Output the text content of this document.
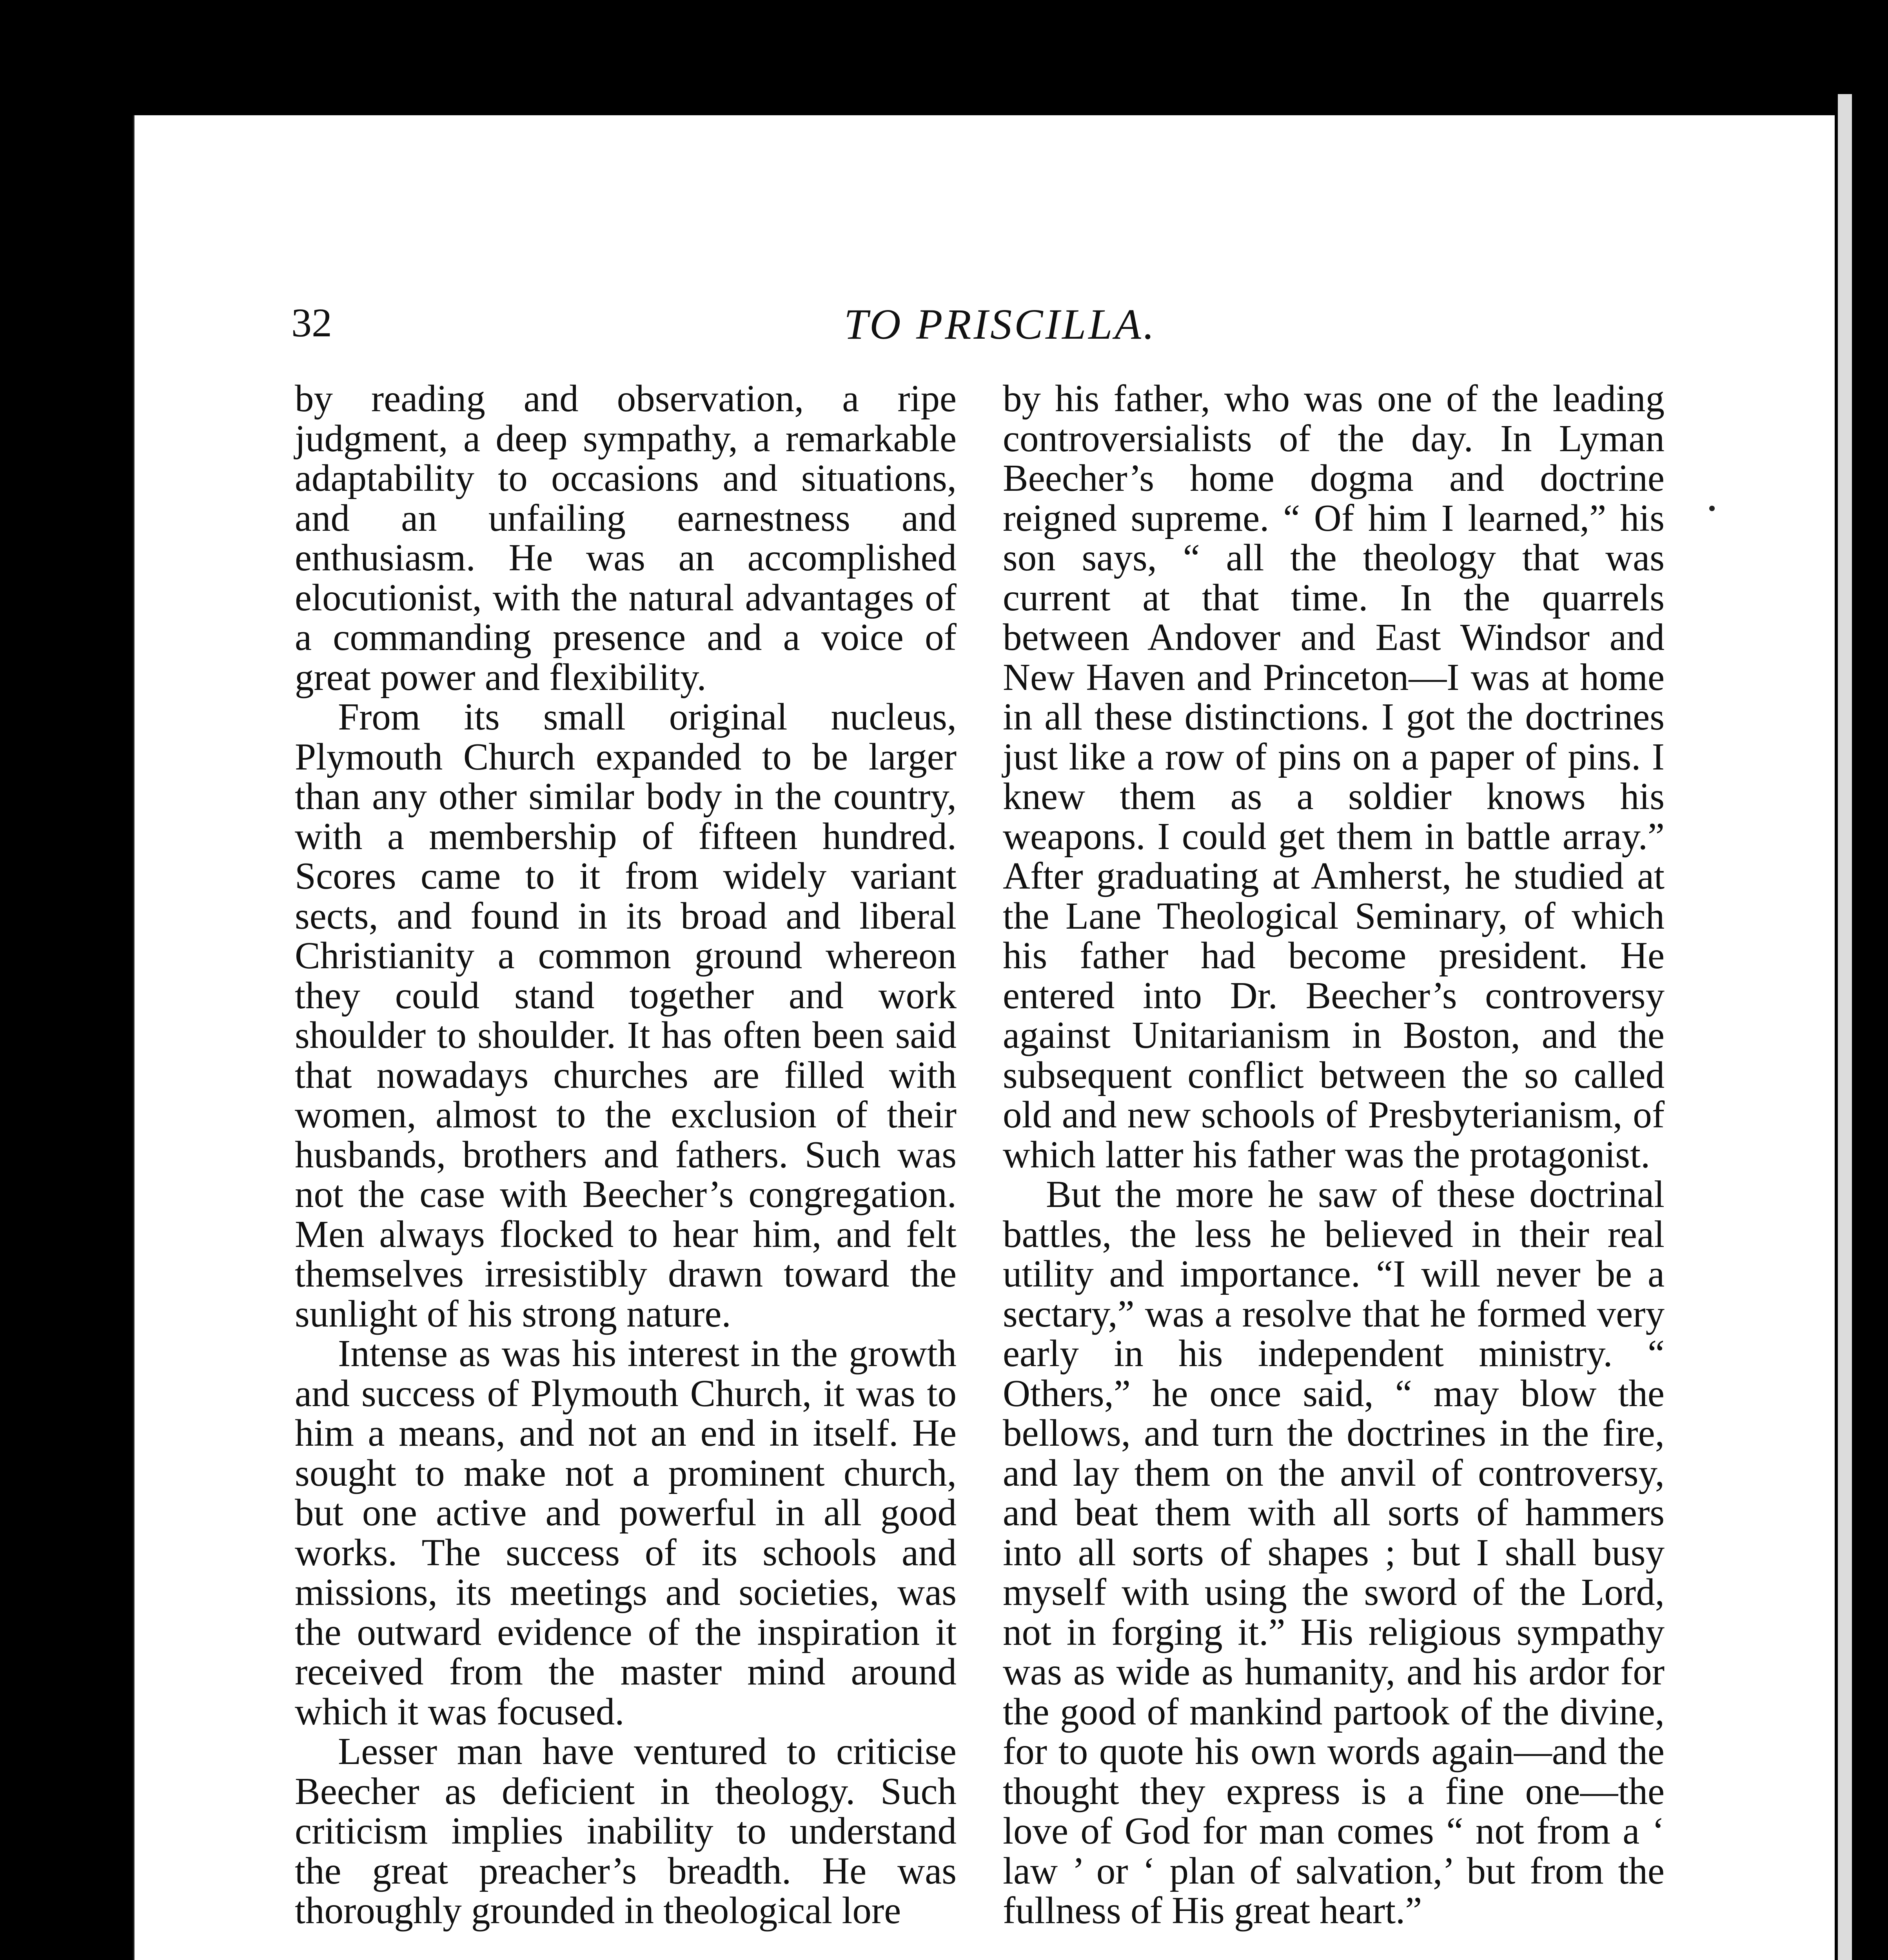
32	TO PRISCILLA.

by reading and observation, a ripe judgment, a deep sympathy, a remarkable adaptability to occasions and situations, and an unfailing earnestness and enthusiasm. He was an accomplished elocutionist, with the natural advantages of a commanding presence and a voice of great power and flexibility.

From its small original nucleus, Plymouth Church expanded to be larger than any other similar body in the country, with a membership of fifteen hundred. Scores came to it from widely variant sects, and found in its broad and liberal Christianity a common ground whereon they could stand together and work shoulder to shoulder. It has often been said that nowadays churches are filled with women, almost to the exclusion of their husbands, brothers and fathers. Such was not the case with Beecher’s congregation. Men always flocked to hear him, and felt themselves irresistibly drawn toward the sunlight of his strong nature.

Intense as was his interest in the growth and success of Plymouth Church, it was to him a means, and not an end in itself. He sought to make not a prominent church, but one active and powerful in all good works. The success of its schools and missions, its meetings and societies, was the outward evidence of the inspiration it received from the master mind around which it was focused.

Lesser man have ventured to criticise Beecher as deficient in theology. Such criticism implies inability to understand the great preacher’s breadth. He was thoroughly grounded in theological lore

by his father, who was one of the leading controversialists of the day. In Lyman Beecher’s home dogma and doctrine reigned supreme. “ Of him I learned,” his son says, “ all the theology that was current at that time. In the quarrels between Andover and East Windsor and New Haven and Princeton—I was at home in all these distinctions. I got the doctrines just like a row of pins on a paper of pins. I knew them as a soldier knows his weapons. I could get them in battle array.” After graduating at Amherst, he studied at the Lane Theological Seminary, of which his father had become president. He entered into Dr. Beecher’s controversy against Unitarianism in Boston, and the subsequent conflict between the so called old and new schools of Presbyterianism, of which latter his father was the protagonist.

But the more he saw of these doctrinal battles, the less he believed in their real utility and importance. “I will never be a sectary,” was a resolve that he formed very early in his independent ministry. “ Others,” he once said, “ may blow the bellows, and turn the doctrines in the fire, and lay them on the anvil of controversy, and beat them with all sorts of hammers into all sorts of shapes ; but I shall busy myself with using the sword of the Lord, not in forging it.” His religious sympathy was as wide as humanity, and his ardor for the good of mankind partook of the divine, for to quote his own words again—and the thought they express is a fine one—the love of God for man comes “ not from a ‘ law ’ or ‘ plan of salvation,’ but from the fullness of His great heart.”
